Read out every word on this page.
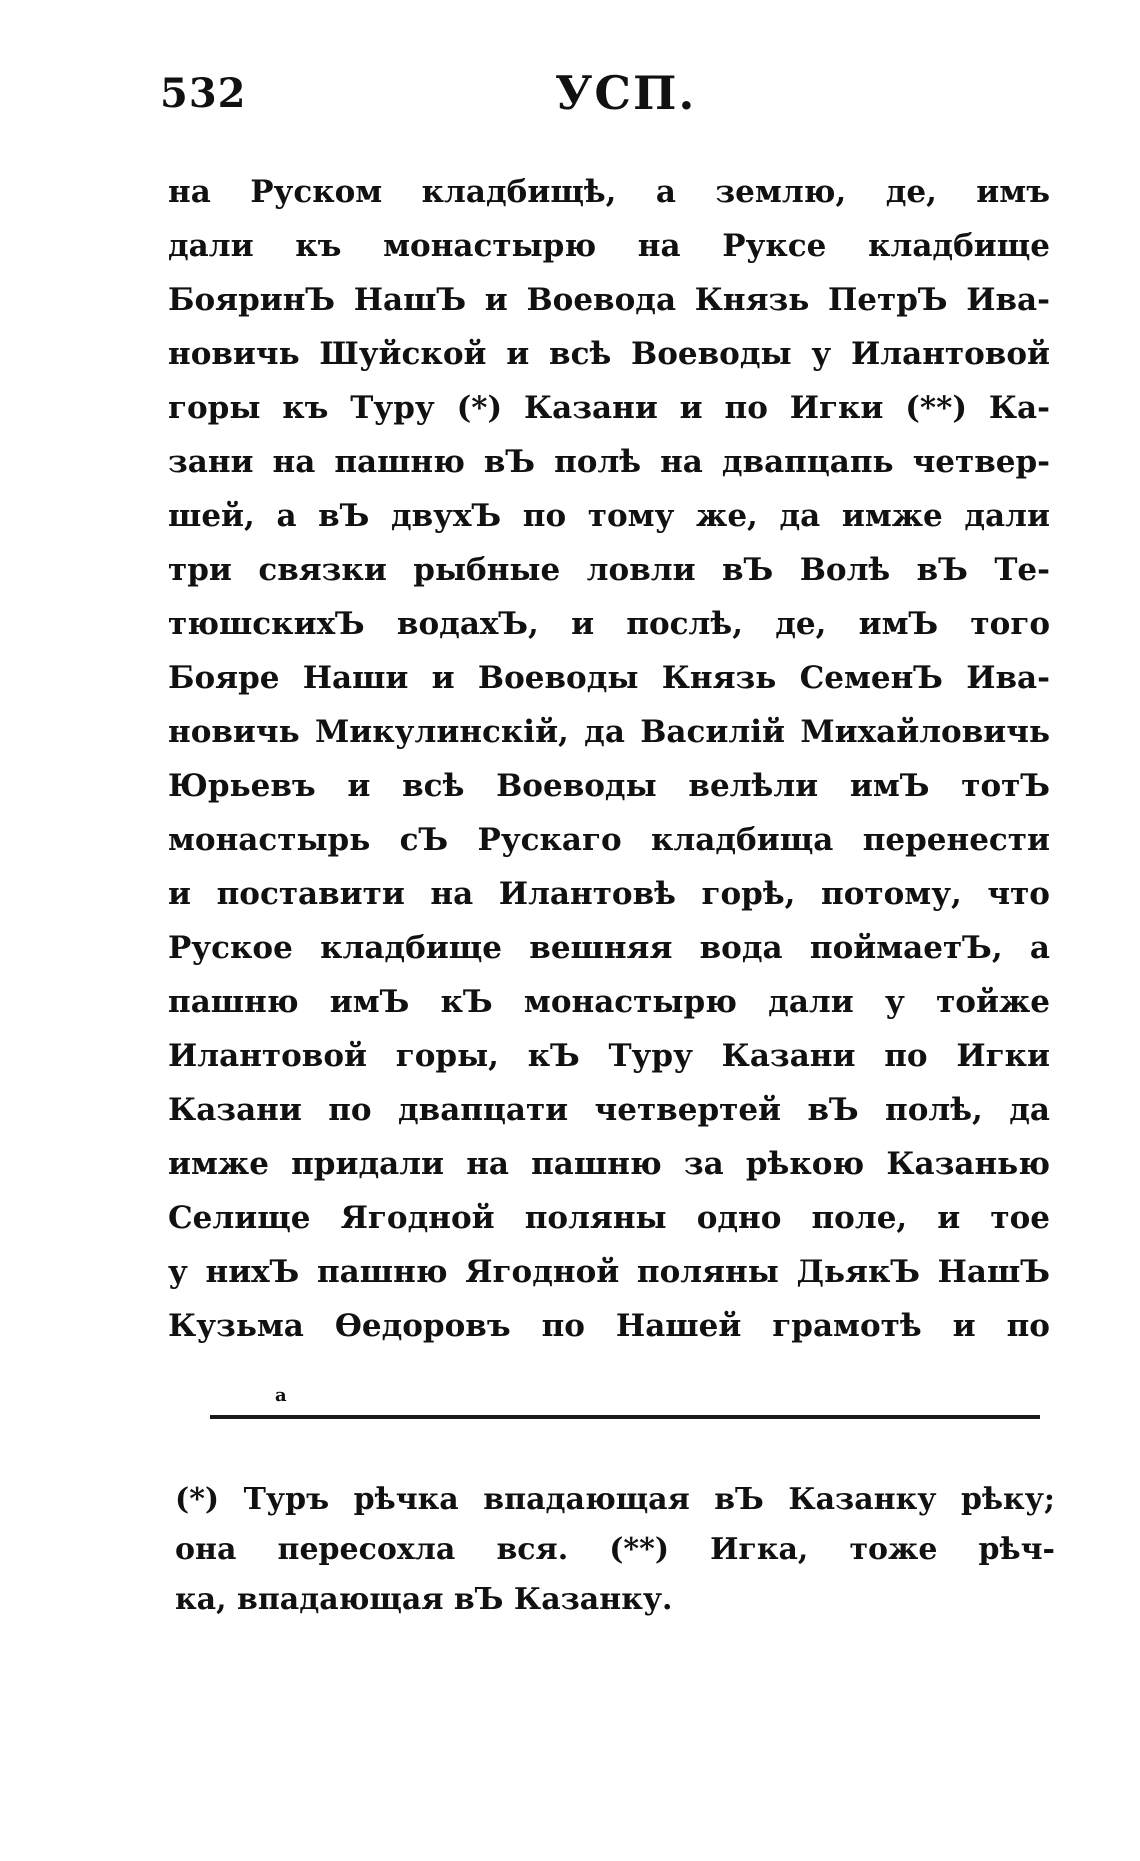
532	УСП.
на Руском кладбищѣ, а землю, де, имъ
дали къ монастырю на Руксе кладбище
БояринЪ НашЪ и Воевода Князь ПетрЪ Ива-
новичь Шуйской и всѣ Воеводы у Илантовой
горы къ Туру (*) Казани и по Игки (**) Ка-
зани на пашню вЪ полѣ на двапцапь четвер-
шей, а вЪ двухЪ по тому же, да имже дали
три связки рыбные ловли вЪ Волѣ вЪ Те-
тюшскихЪ водахЪ, и послѣ, де, имЪ того
Бояре Наши и Воеводы Князь СеменЪ Ива-
новичь Микулинскій, да Василій Михайловичь
Юрьевъ и всѣ Воеводы велѣли имЪ тотЪ
монастырь сЪ Рускаго кладбища перенести
и поставити на Илантовѣ горѣ, потому, что
Руское кладбище вешняя вода поймаетЪ, а
пашню имЪ кЪ монастырю дали у тойже
Илантовой горы, кЪ Туру Казани по Игки
Казани по двапцати четвертей вЪ полѣ, да
имже придали на пашню за рѣкою Казанью
Селище Ягодной поляны одно поле, и тое
у нихЪ пашню Ягодной поляны ДьякЪ НашЪ
Кузьма Өедоровъ по Нашей грамотѣ и по
а
(*) Туръ рѣчка впадающая вЪ Казанку рѣку;
она пересохла вся. (**) Игка, тоже рѣч-
ка, впадающая вЪ Казанку.
